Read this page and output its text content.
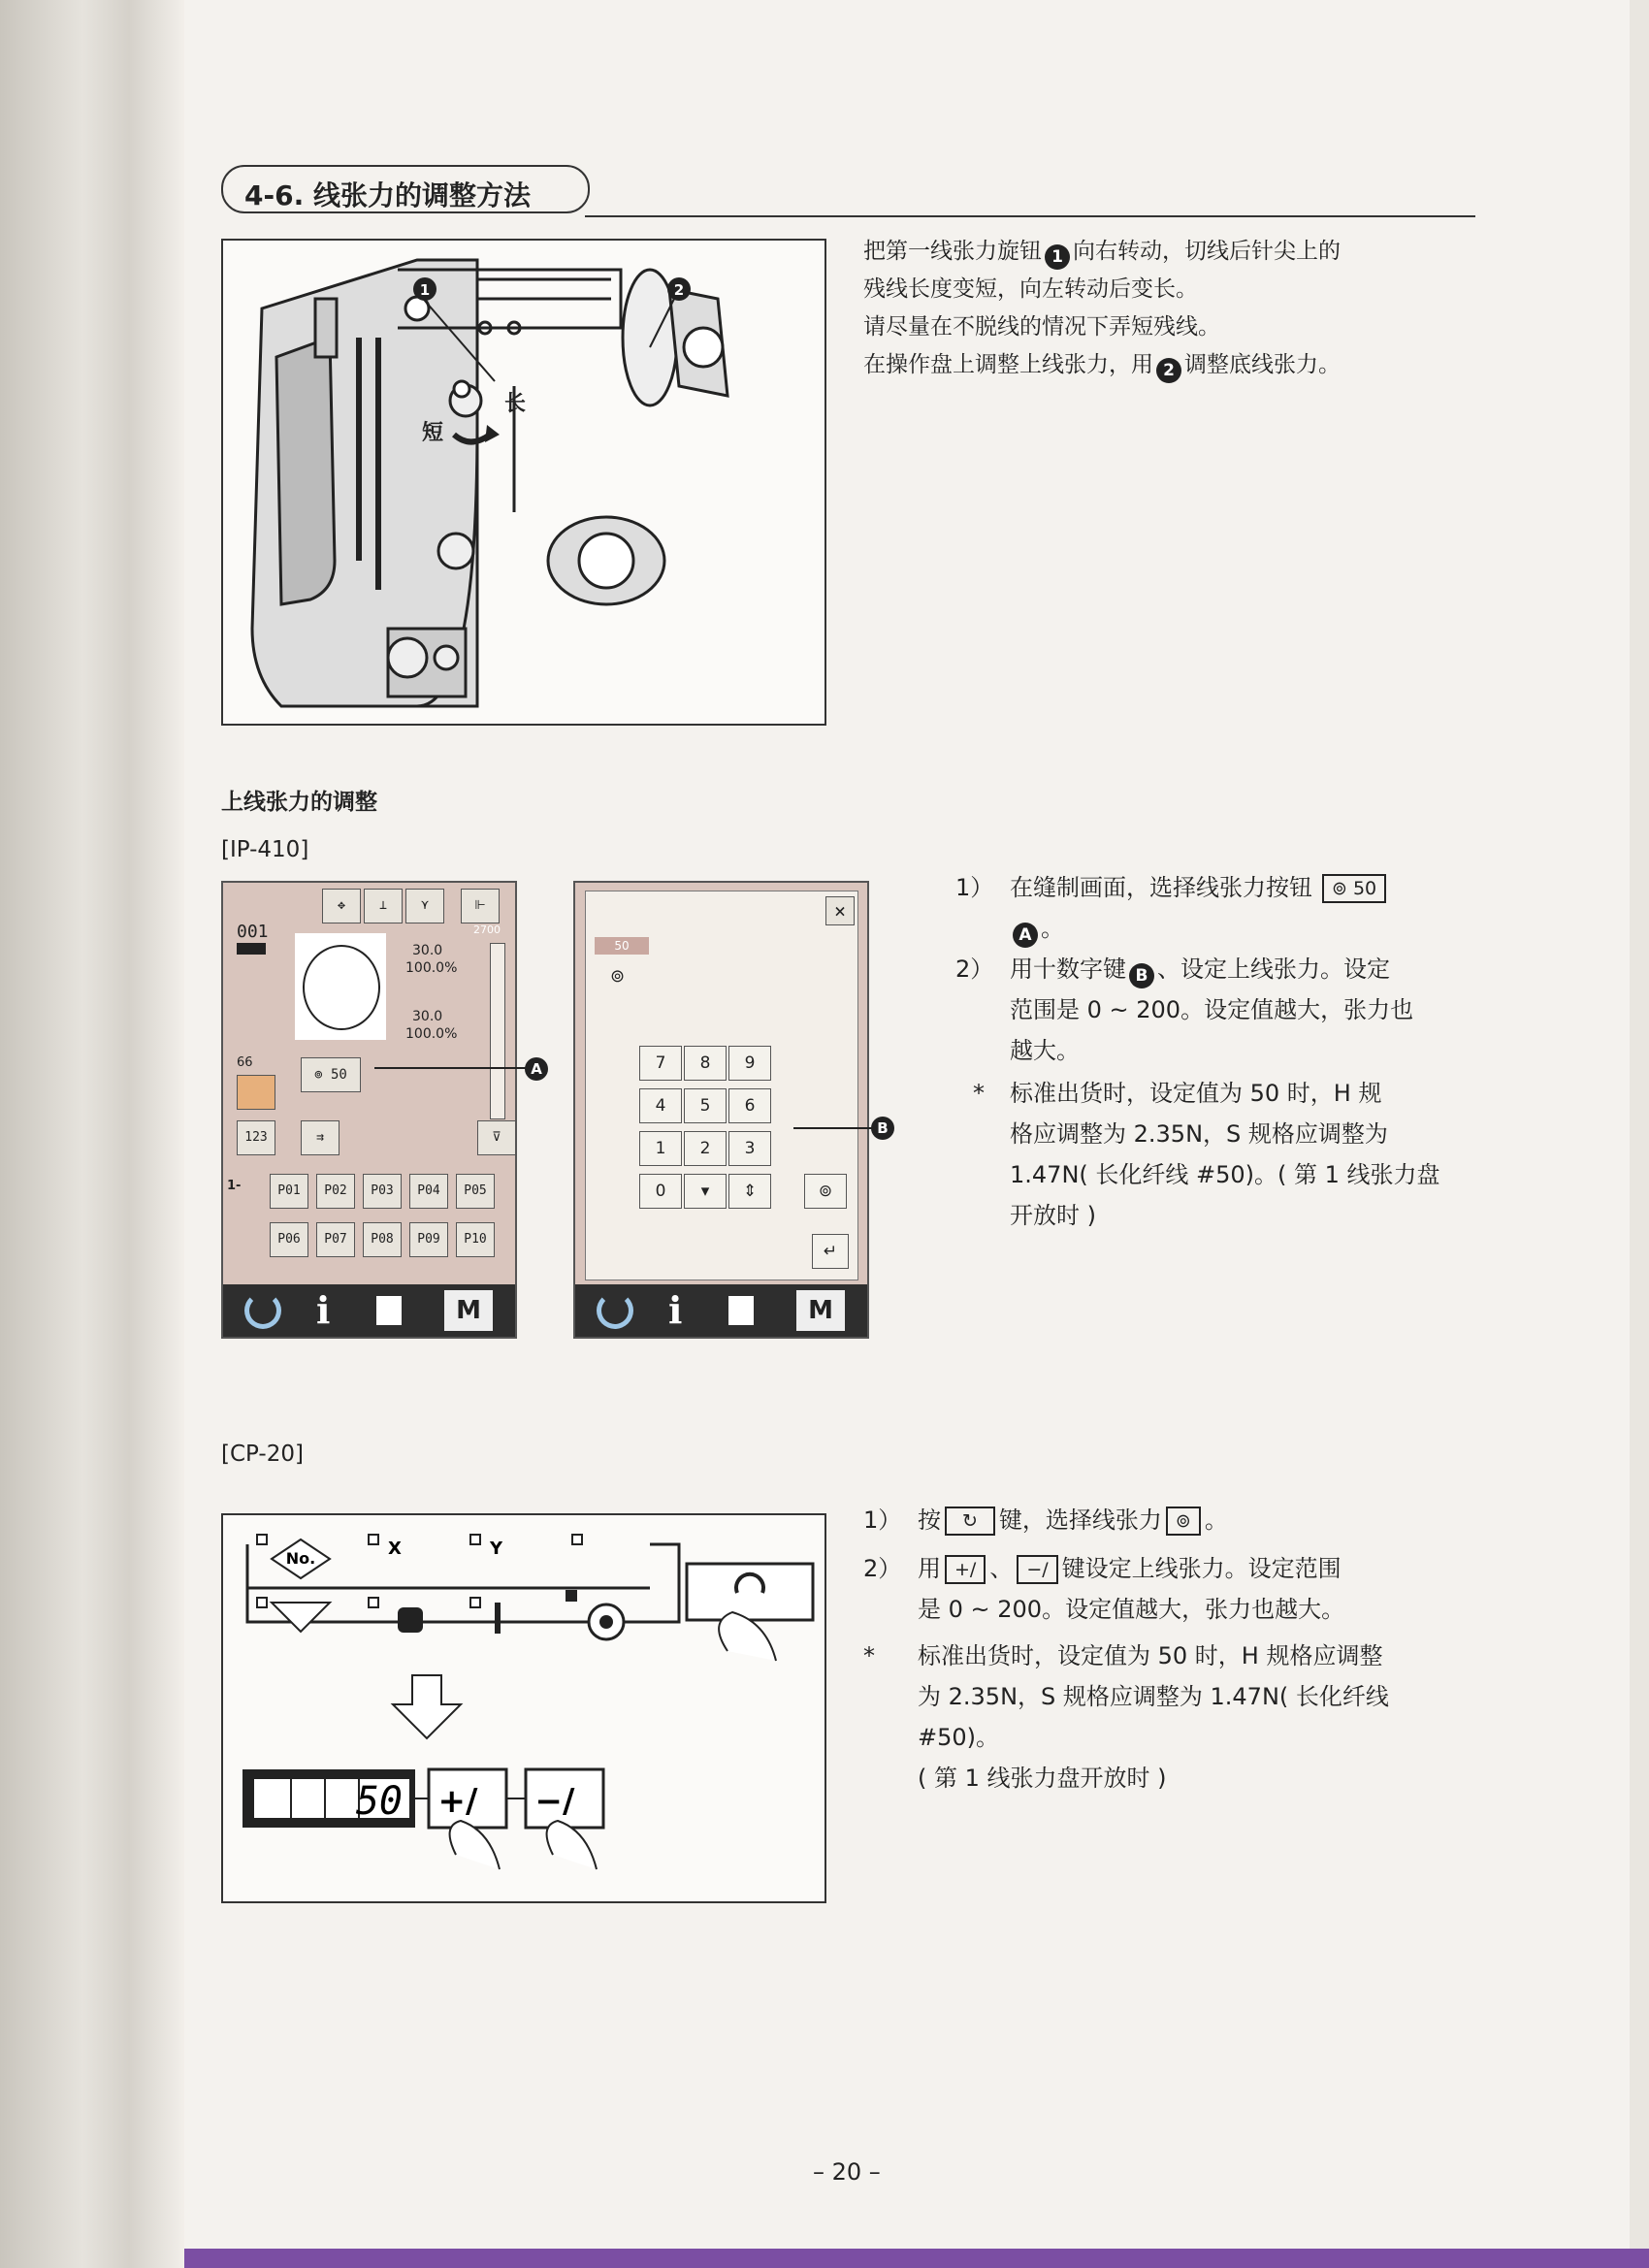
4-6. 线张力的调整方法
1	2
短
长
把第一线张力旋钮 1 向右转动，切线后针尖上的
残线长度变短，向左转动后变长。
请尽量在不脱线的情况下弄短残线。
在操作盘上调整上线张力，用 2 调整底线张力。
上线张力的调整
[IP-410]
✥	⊥	⋎	⊩
001
30.0
100.0%
30.0
100.0%
2700
66
⊚ 50
123	⇉	⊽
1-	P01	P02	P03	P04	P05
P06	P07	P08	P09	P10
i	M
A
×
50
⊚
7	8	9
4	5	6
1	2	3
0	▾	⇕	⊚
↵
i	M
B
1） 在缝制画面，选择线张力按钮 ⊚ 50
A 。
2） 用十数字键 B 、设定上线张力。设定
范围是 0 ~ 200。设定值越大，张力也
越大。
* 标准出货时，设定值为 50 时，H 规
格应调整为 2.35N，S 规格应调整为
1.47N( 长化纤线 #50)。( 第 1 线张力盘
开放时 )
[CP-20]
No.	X	Y
50 +/ −/
1） 按 ↻ 键，选择线张力 ⊚ 。
2） 用 +/ 、 −/ 键设定上线张力。设定范围
是 0 ~ 200。设定值越大，张力也越大。
* 标准出货时，设定值为 50 时，H 规格应调整
为 2.35N，S 规格应调整为 1.47N( 长化纤线
#50)。
( 第 1 线张力盘开放时 )
– 20 –
